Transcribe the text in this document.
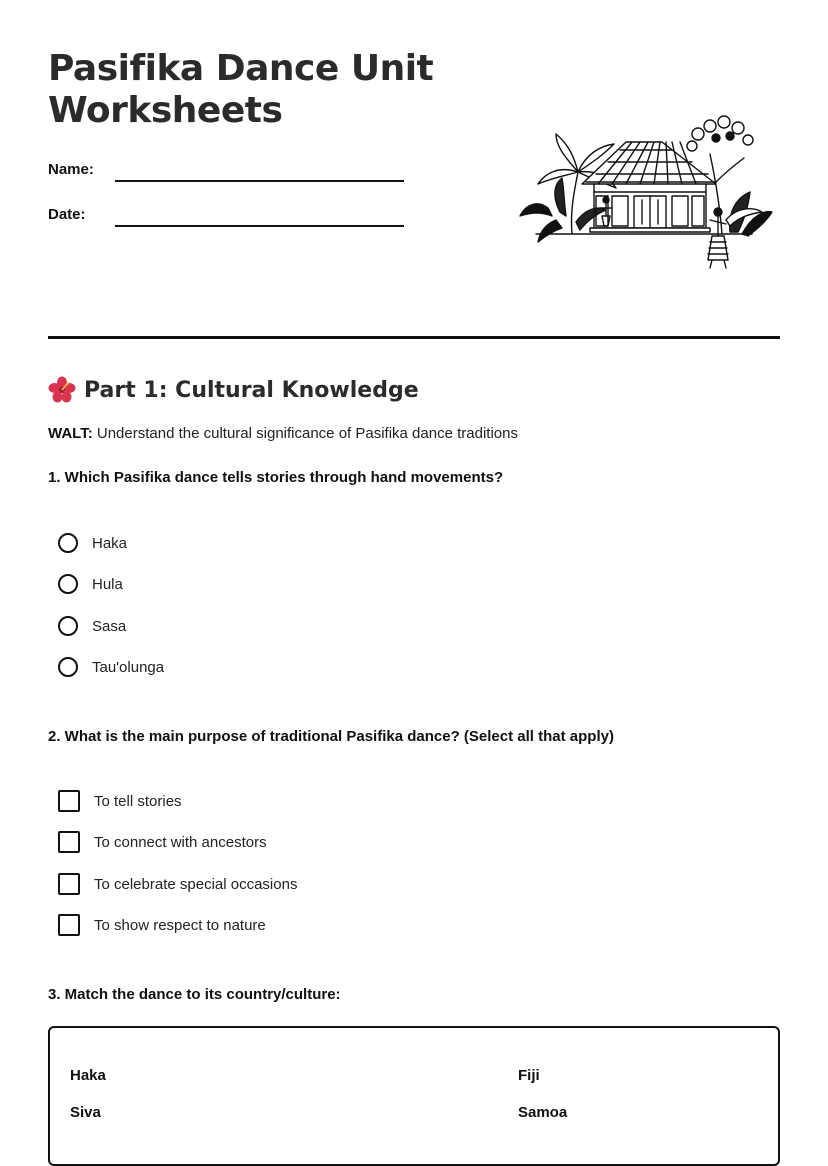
Pasifika Dance Unit
Worksheets
Name:
Date:
Part 1: Cultural Knowledge
WALT: Understand the cultural significance of Pasifika dance traditions
1. Which Pasifika dance tells stories through hand movements?
Haka
Hula
Sasa
Tau'olunga
2. What is the main purpose of traditional Pasifika dance? (Select all that apply)
To tell stories
To connect with ancestors
To celebrate special occasions
To show respect to nature
3. Match the dance to its country/culture:
Haka	Fiji
Siva	Samoa
